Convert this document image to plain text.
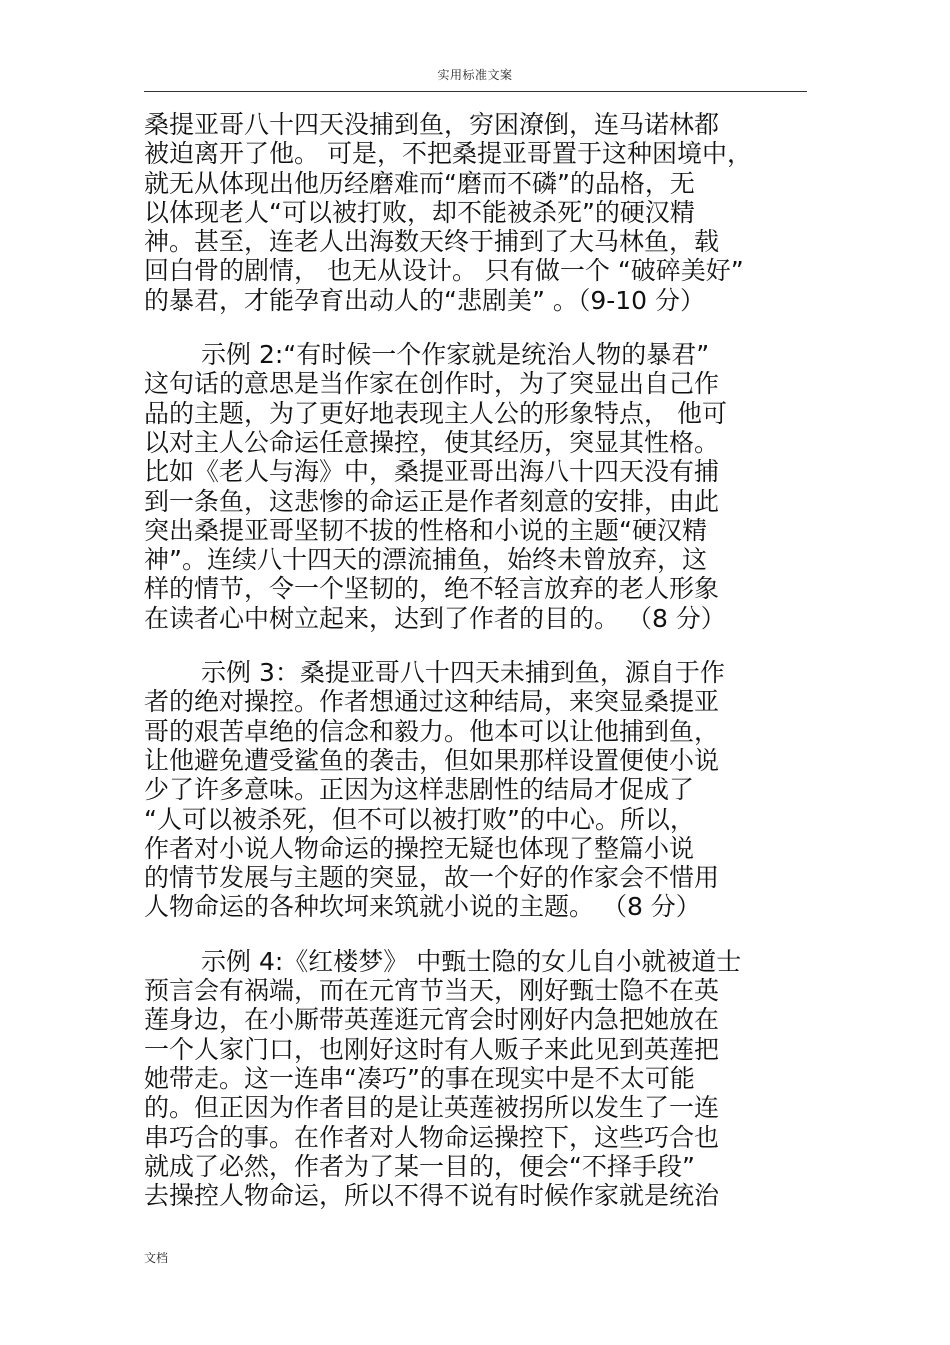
实用标准文案
桑提亚哥八十四天没捕到鱼，穷困潦倒，连马诺林都
被迫离开了他。 可是，不把桑提亚哥置于这种困境中，
就无从体现出他历经磨难而“磨而不磷”的品格，无
以体现老人“可以被打败，却不能被杀死”的硬汉精
神。甚至，连老人出海数天终于捕到了大马林鱼，载
回白骨的剧情， 也无从设计。 只有做一个 “破碎美好”
的暴君，才能孕育出动人的“悲剧美” 。（9-10 分）
示例 2:“有时候一个作家就是统治人物的暴君”
这句话的意思是当作家在创作时，为了突显出自己作
品的主题，为了更好地表现主人公的形象特点， 他可
以对主人公命运任意操控，使其经历，突显其性格。
比如《老人与海》中，桑提亚哥出海八十四天没有捕
到一条鱼，这悲惨的命运正是作者刻意的安排，由此
突出桑提亚哥坚韧不拔的性格和小说的主题“硬汉精
神”。连续八十四天的漂流捕鱼，始终未曾放弃，这
样的情节，令一个坚韧的，绝不轻言放弃的老人形象
在读者心中树立起来，达到了作者的目的。 （8 分）
示例 3：桑提亚哥八十四天未捕到鱼，源自于作
者的绝对操控。作者想通过这种结局，来突显桑提亚
哥的艰苦卓绝的信念和毅力。他本可以让他捕到鱼，
让他避免遭受鲨鱼的袭击，但如果那样设置便使小说
少了许多意味。正因为这样悲剧性的结局才促成了
“人可以被杀死，但不可以被打败”的中心。所以，
作者对小说人物命运的操控无疑也体现了整篇小说
的情节发展与主题的突显，故一个好的作家会不惜用
人物命运的各种坎坷来筑就小说的主题。 （8 分）
示例 4:《红楼梦》 中甄士隐的女儿自小就被道士
预言会有祸端，而在元宵节当天，刚好甄士隐不在英
莲身边，在小厮带英莲逛元宵会时刚好内急把她放在
一个人家门口，也刚好这时有人贩子来此见到英莲把
她带走。这一连串“凑巧”的事在现实中是不太可能
的。但正因为作者目的是让英莲被拐所以发生了一连
串巧合的事。在作者对人物命运操控下，这些巧合也
就成了必然，作者为了某一目的，便会“不择手段”
去操控人物命运，所以不得不说有时候作家就是统治
文档
